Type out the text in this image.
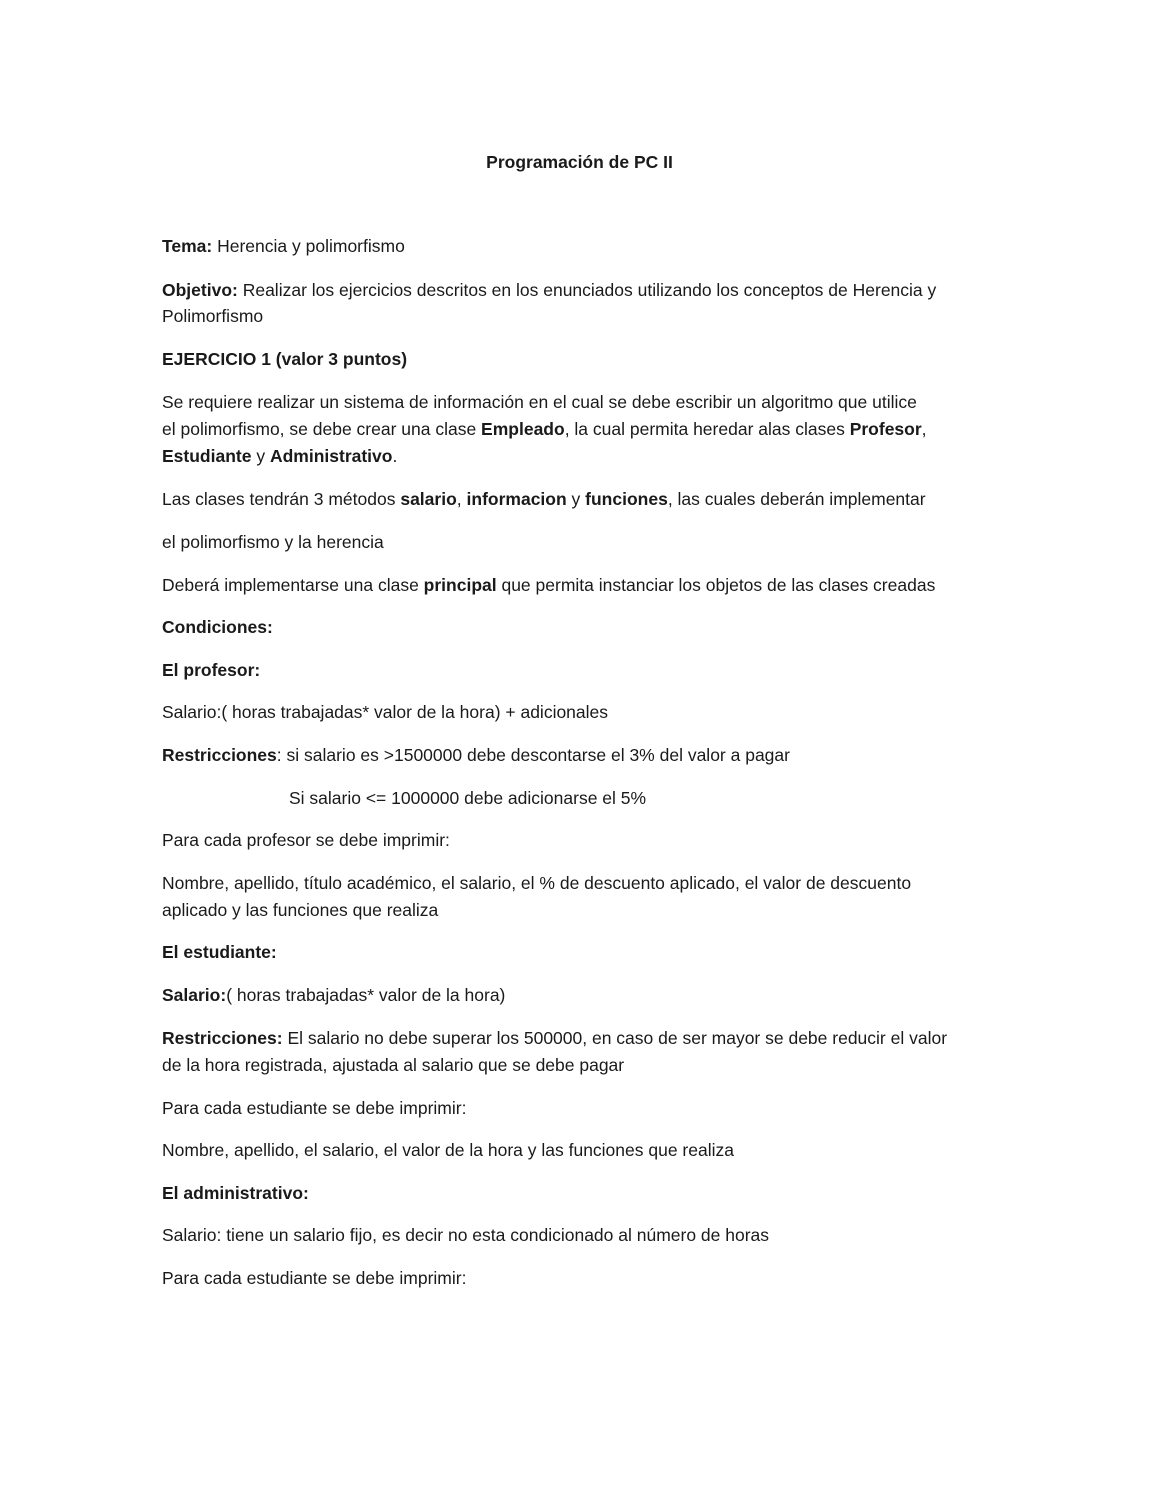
Programación de PC II
Tema: Herencia y polimorfismo
Objetivo: Realizar los ejercicios descritos en los enunciados utilizando los conceptos de Herencia y
Polimorfismo
EJERCICIO 1 (valor 3 puntos)
Se requiere realizar un sistema de información en el cual se debe escribir un algoritmo que utilice
el polimorfismo, se debe crear una clase Empleado, la cual permita heredar alas clases Profesor,
Estudiante y Administrativo.
Las clases tendrán 3 métodos salario, informacion y funciones, las cuales deberán implementar
el polimorfismo y la herencia
Deberá implementarse una clase principal que permita instanciar los objetos de las clases creadas
Condiciones:
El profesor:
Salario:( horas trabajadas* valor de la hora) + adicionales
Restricciones: si salario es >1500000 debe descontarse el 3% del valor a pagar
Si salario <= 1000000 debe adicionarse el 5%
Para cada profesor se debe imprimir:
Nombre, apellido, título académico, el salario, el % de descuento aplicado, el valor de descuento
aplicado y las funciones que realiza
El estudiante:
Salario:( horas trabajadas* valor de la hora)
Restricciones: El salario no debe superar los 500000, en caso de ser mayor se debe reducir el valor
de la hora registrada, ajustada al salario que se debe pagar
Para cada estudiante se debe imprimir:
Nombre, apellido, el salario, el valor de la hora y las funciones que realiza
El administrativo:
Salario: tiene un salario fijo, es decir no esta condicionado al número de horas
Para cada estudiante se debe imprimir:
